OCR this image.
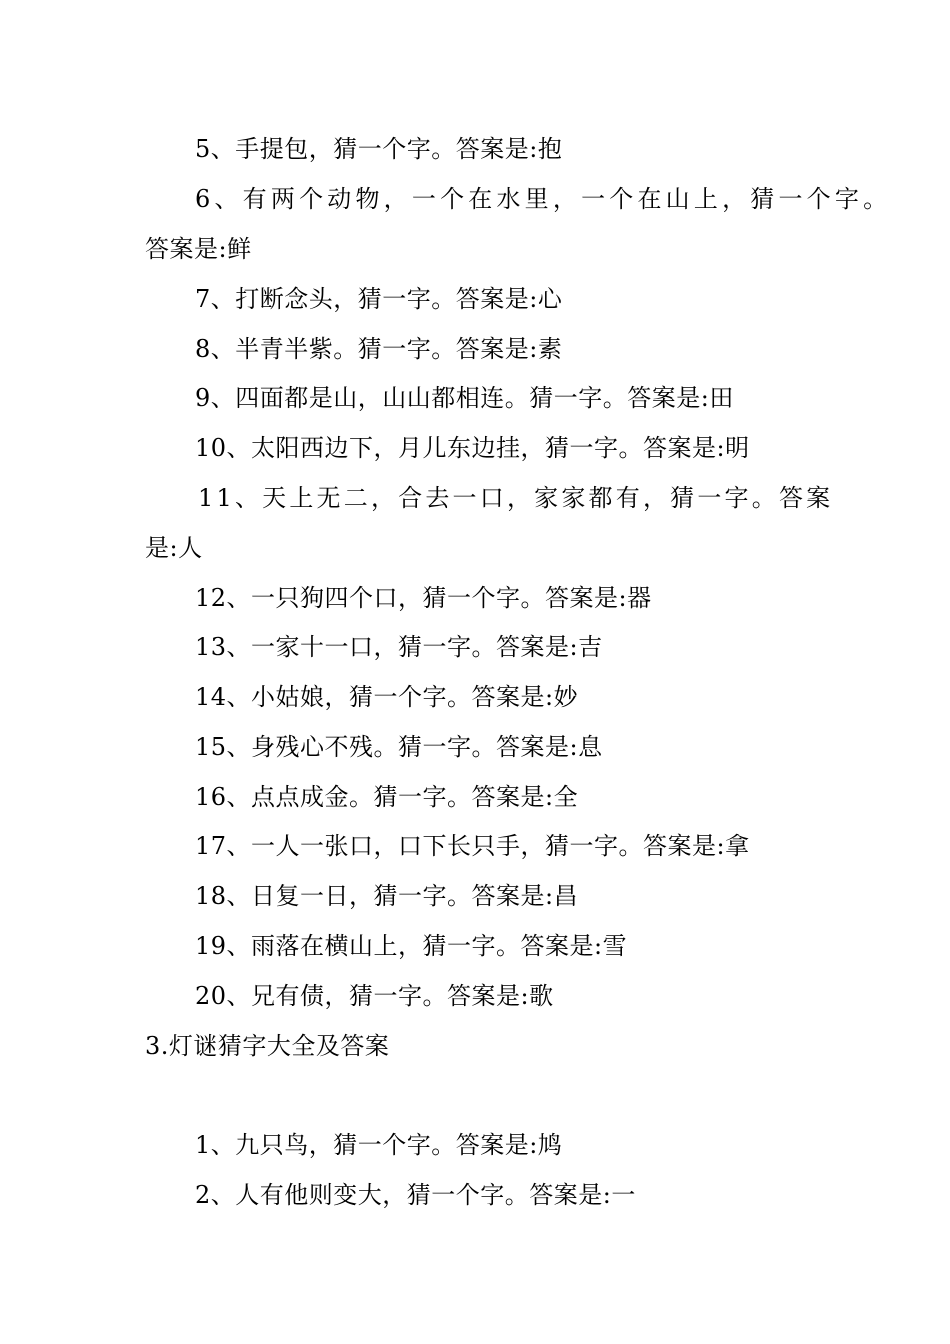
5、手提包，猜一个字。答案是:抱
6、有两个动物，一个在水里，一个在山上，猜一个字。
答案是:鲜
7、打断念头，猜一字。答案是:心
8、半青半紫。猜一字。答案是:素
9、四面都是山，山山都相连。猜一字。答案是:田
10、太阳西边下，月儿东边挂，猜一字。答案是:明
11、天上无二，合去一口，家家都有，猜一字。答案
是:人
12、一只狗四个口，猜一个字。答案是:器
13、一家十一口，猜一字。答案是:吉
14、小姑娘，猜一个字。答案是:妙
15、身残心不残。猜一字。答案是:息
16、点点成金。猜一字。答案是:全
17、一人一张口，口下长只手，猜一字。答案是:拿
18、日复一日，猜一字。答案是:昌
19、雨落在横山上，猜一字。答案是:雪
20、兄有债，猜一字。答案是:歌
3.灯谜猜字大全及答案
1、九只鸟，猜一个字。答案是:鸠
2、人有他则变大，猜一个字。答案是:一
